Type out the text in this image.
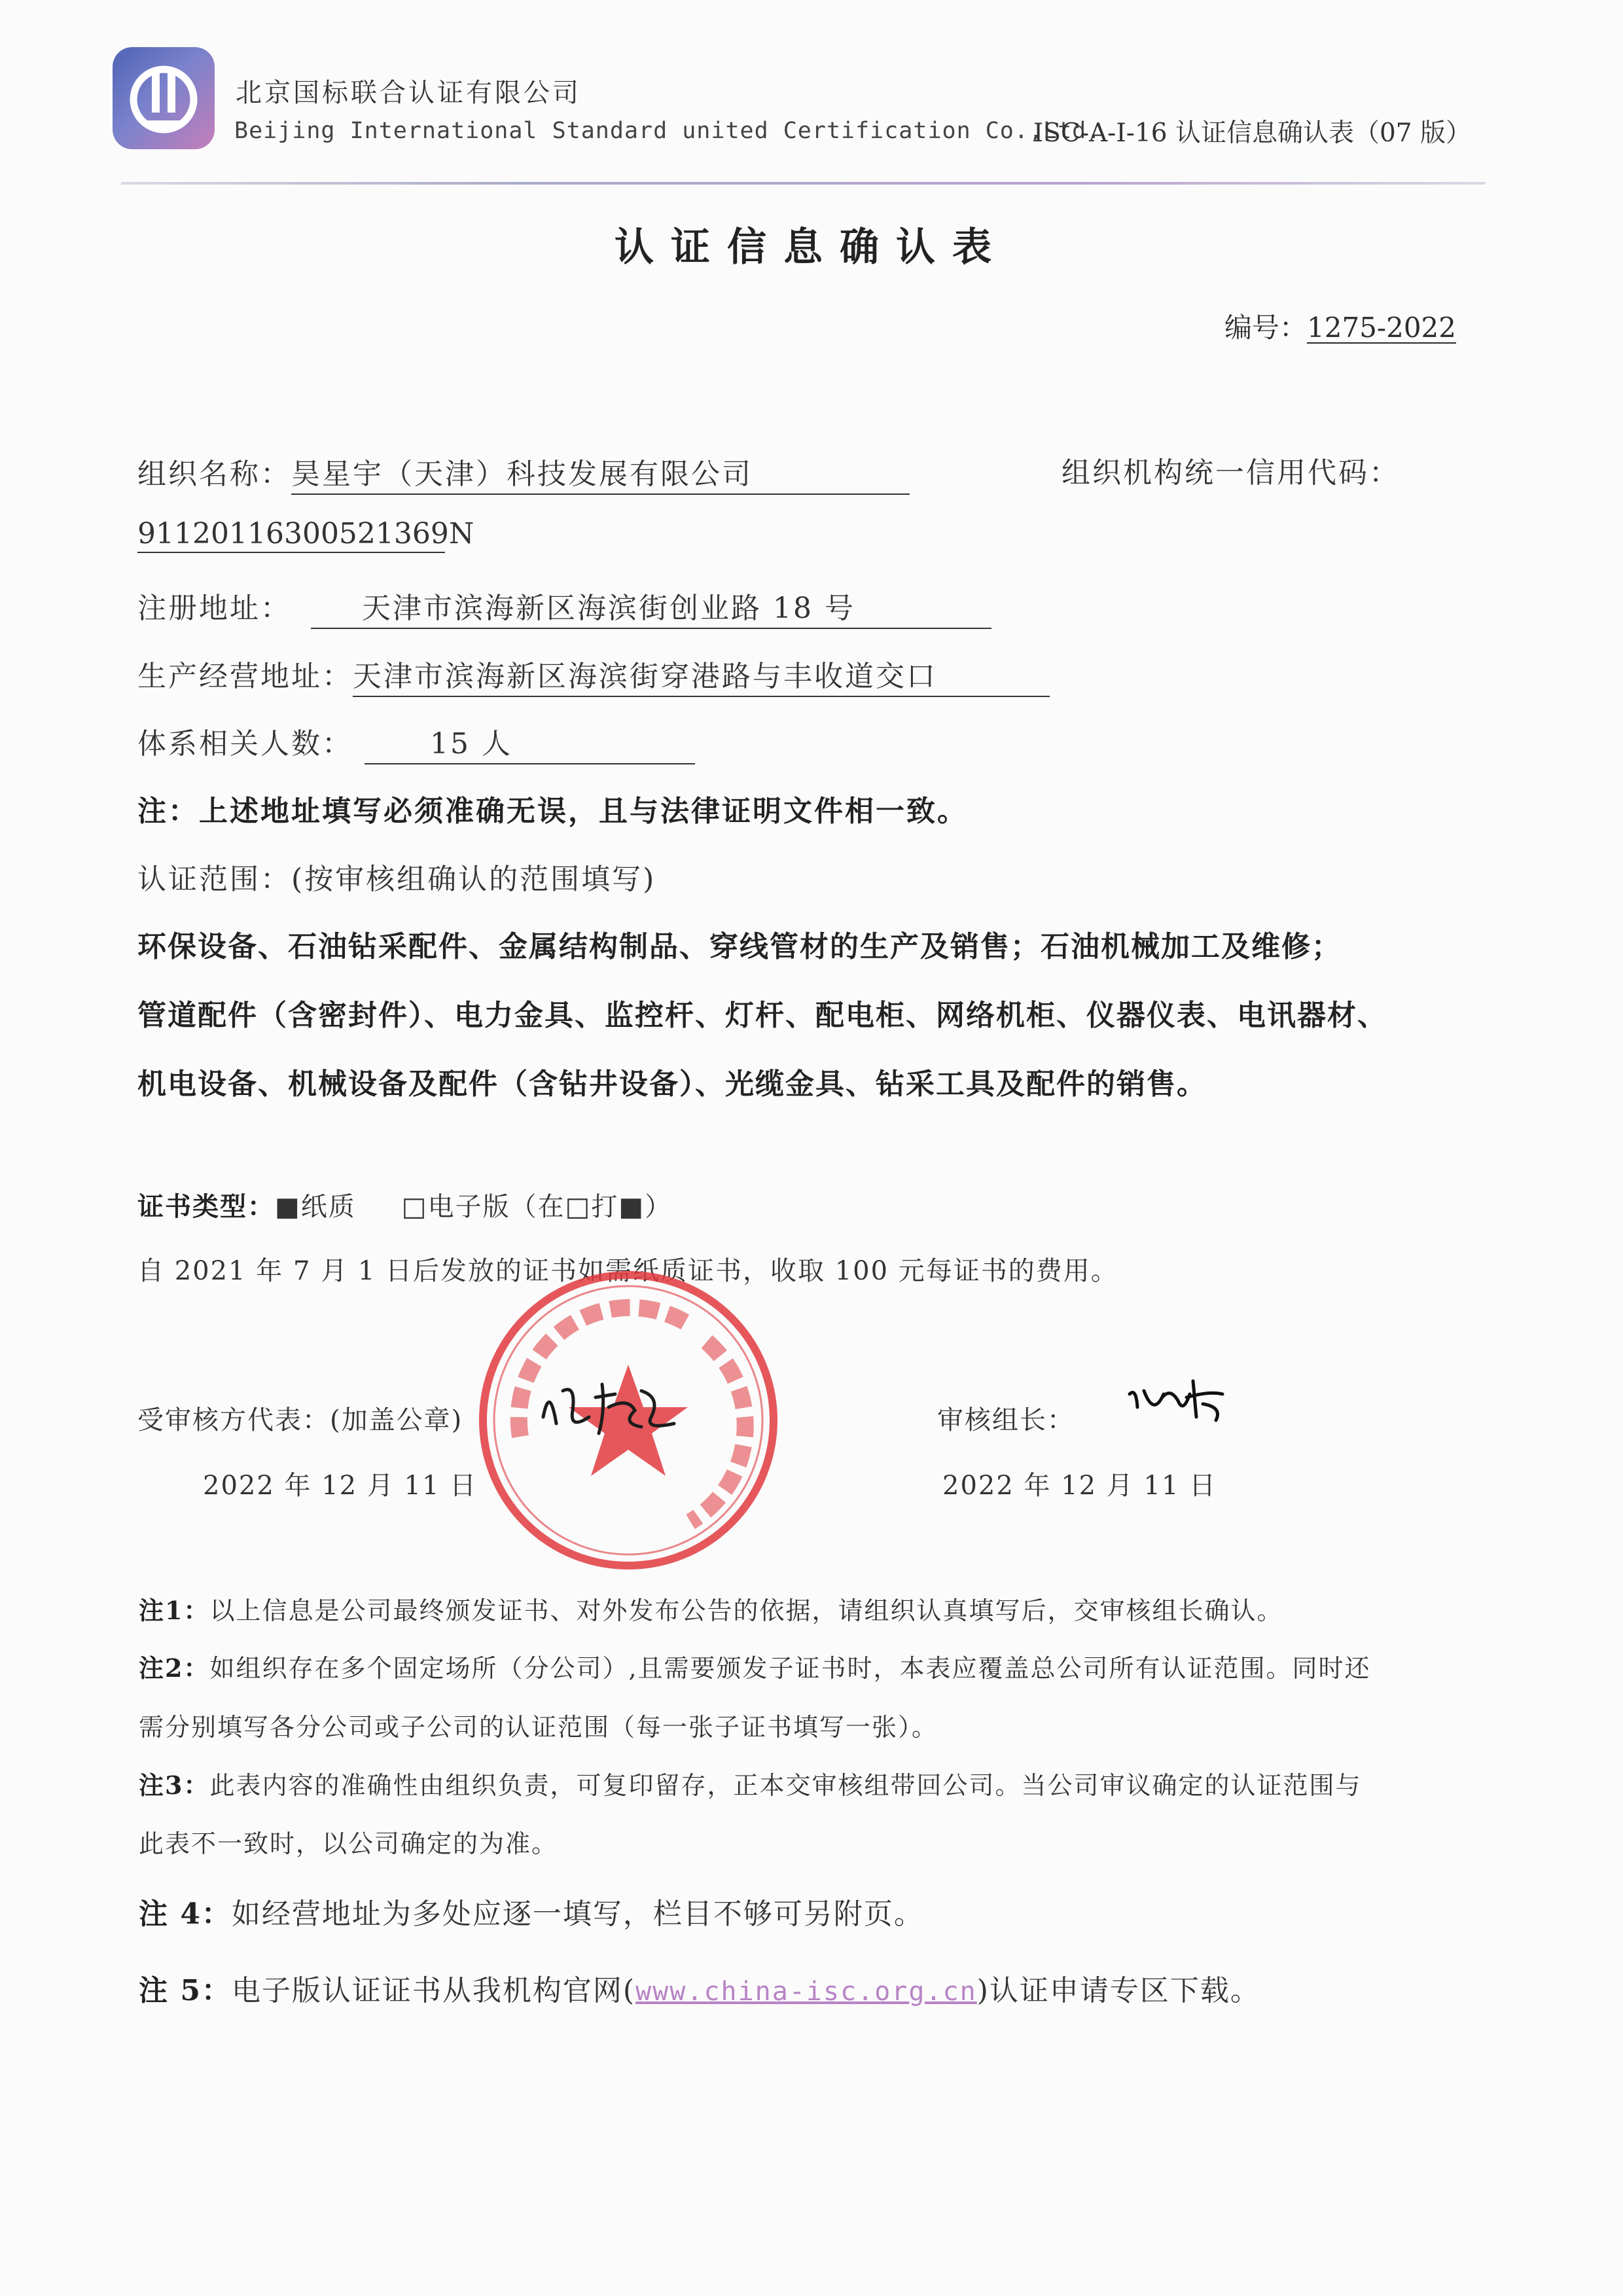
北京国标联合认证有限公司
Beijing International Standard united Certification Co.,Ltd.
ISC-A-I-16 认证信息确认表（07 版）
认证信息确认表
编号：1275-2022
组织名称：昊星宇（天津）科技发展有限公司	组织机构统一信用代码：
91120116300521369N
注册地址： 天津市滨海新区海滨街创业路 18 号
生产经营地址：天津市滨海新区海滨街穿港路与丰收道交口
体系相关人数：	15 人
注：上述地址填写必须准确无误，且与法律证明文件相一致。
认证范围：(按审核组确认的范围填写)
环保设备、石油钻采配件、金属结构制品、穿线管材的生产及销售；石油机械加工及维修；
管道配件（含密封件）、电力金具、监控杆、灯杆、配电柜、网络机柜、仪器仪表、电讯器材、
机电设备、机械设备及配件（含钻井设备）、光缆金具、钻采工具及配件的销售。
证书类型：■纸质 □电子版（在□打■）
自 2021 年 7 月 1 日后发放的证书如需纸质证书，收取 100 元每证书的费用。
受审核方代表：(加盖公章)
2022 年 12 月 11 日
审核组长：
2022 年 12 月 11 日
注1：以上信息是公司最终颁发证书、对外发布公告的依据，请组织认真填写后，交审核组长确认。
注2：如组织存在多个固定场所（分公司）,且需要颁发子证书时，本表应覆盖总公司所有认证范围。同时还
需分别填写各分公司或子公司的认证范围（每一张子证书填写一张）。
注3：此表内容的准确性由组织负责，可复印留存，正本交审核组带回公司。当公司审议确定的认证范围与
此表不一致时，以公司确定的为准。
注 4：如经营地址为多处应逐一填写，栏目不够可另附页。
注 5：电子版认证证书从我机构官网(www.china-isc.org.cn)认证申请专区下载。
